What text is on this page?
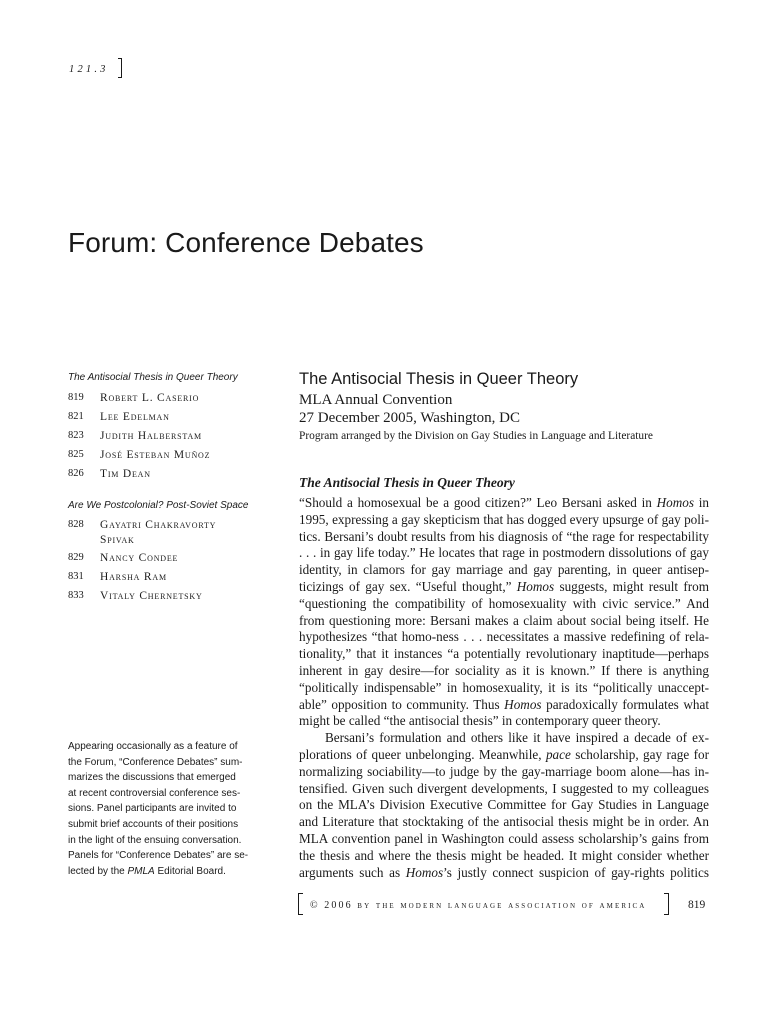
121.3
Forum: Conference Debates
The Antisocial Thesis in Queer Theory
819	Robert L. Caserio
821	Lee Edelman
823	Judith Halberstam
825	José Esteban Muñoz
826	Tim Dean
Are We Postcolonial? Post-Soviet Space
828	Gayatri Chakravorty
Spivak
829	Nancy Condee
831	Harsha Ram
833	Vitaly Chernetsky
Appearing occasionally as a feature of
the Forum, “Conference Debates” sum-
marizes the discussions that emerged
at recent controversial conference ses-
sions. Panel participants are invited to
submit brief accounts of their positions
in the light of the ensuing conversation.
Panels for “Conference Debates” are se-
lected by the PMLA Editorial Board.
The Antisocial Thesis in Queer Theory
MLA Annual Convention
27 December 2005, Washington, DC
Program arranged by the Division on Gay Studies in Language and Literature
The Antisocial Thesis in Queer Theory
“Should a homosexual be a good citizen?” Leo Bersani asked in Homos in
1995, expressing a gay skepticism that has dogged every upsurge of gay poli-
tics. Bersani’s doubt results from his diagnosis of “the rage for respectability
. . . in gay life today.” He locates that rage in postmodern dissolutions of gay
identity, in clamors for gay marriage and gay parenting, in queer antisep-
ticizings of gay sex. “Useful thought,” Homos suggests, might result from
“questioning the compatibility of homosexuality with civic service.” And
from questioning more: Bersani makes a claim about social being itself. He
hypothesizes “that homo-ness . . . necessitates a massive redefining of rela-
tionality,” that it instances “a potentially revolutionary inaptitude—perhaps
inherent in gay desire—for sociality as it is known.” If there is anything
“politically indispensable” in homosexuality, it is its “politically unaccept-
able” opposition to community. Thus Homos paradoxically formulates what
might be called “the antisocial thesis” in contemporary queer theory.
Bersani’s formulation and others like it have inspired a decade of ex-
plorations of queer unbelonging. Meanwhile, pace scholarship, gay rage for
normalizing sociability—to judge by the gay-marriage boom alone—has in-
tensified. Given such divergent developments, I suggested to my colleagues
on the MLA’s Division Executive Committee for Gay Studies in Language
and Literature that stocktaking of the antisocial thesis might be in order. An
MLA convention panel in Washington could assess scholarship’s gains from
the thesis and where the thesis might be headed. It might consider whether
arguments such as Homos’s justly connect suspicion of gay-rights politics
© 2006 by the modern language association of america	819
